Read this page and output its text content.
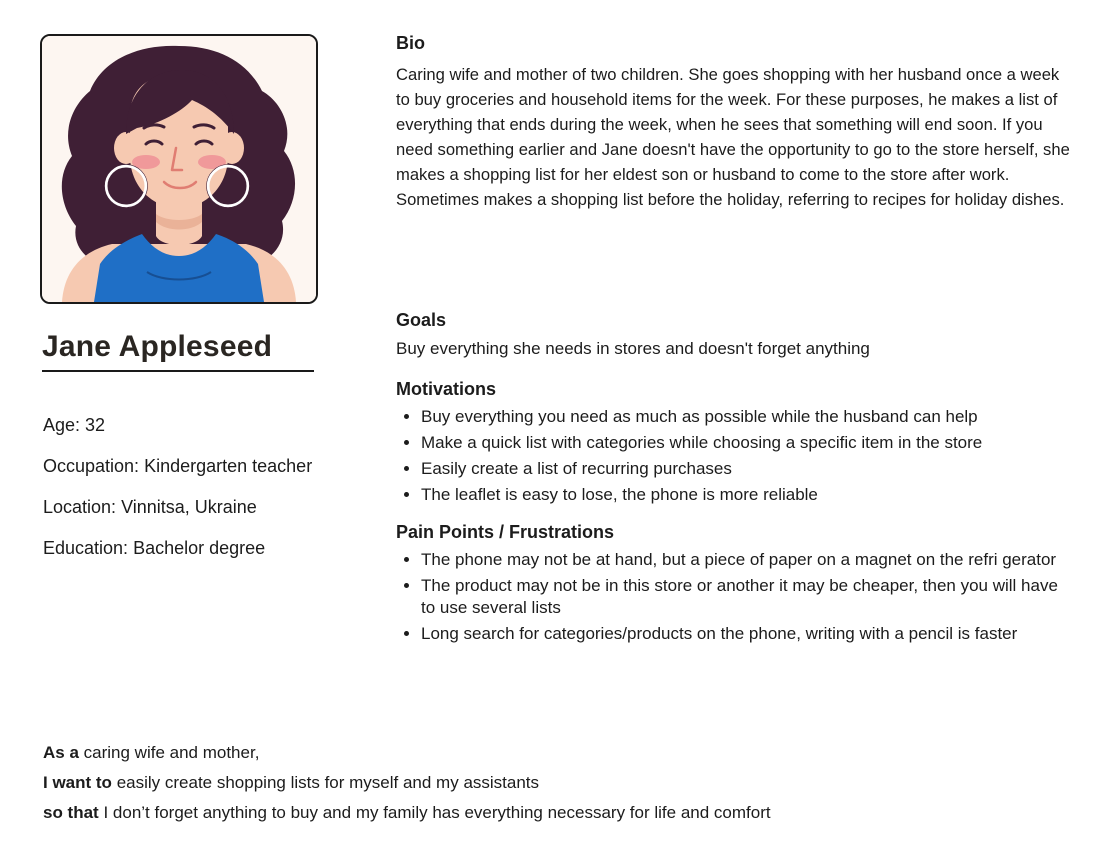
Jane Appleseed
Age: 32
Occupation: Kindergarten teacher
Location: Vinnitsa, Ukraine
Education: Bachelor degree
Bio

Caring wife and mother of two children. She goes shopping with her husband once a week to buy groceries and household items for the week. For these purposes, he makes a list of everything that ends during the week, when he sees that something will end soon. If you need something earlier and Jane doesn't have the opportunity to go to the store herself, she makes a shopping list for her eldest son or husband to come to the store after work. Sometimes makes a shopping list before the holiday, referring to recipes for holiday dishes.

Goals

Buy everything she needs in stores and doesn't forget anything

Motivations
• Buy everything you need as much as possible while the husband can help
• Make a quick list with categories while choosing a specific item in the store
• Easily create a list of recurring purchases
• The leaflet is easy to lose, the phone is more reliable
Pain Points / Frustrations
• The phone may not be at hand, but a piece of paper on a magnet on the refri gerator
• The product may not be in this store or another it may be cheaper, then you will have to use several lists
• Long search for categories/products on the phone, writing with a pencil is faster
As a caring wife and mother,
I want to easily create shopping lists for myself and my assistants
so that I don’t forget anything to buy and my family has everything necessary for life and comfort
